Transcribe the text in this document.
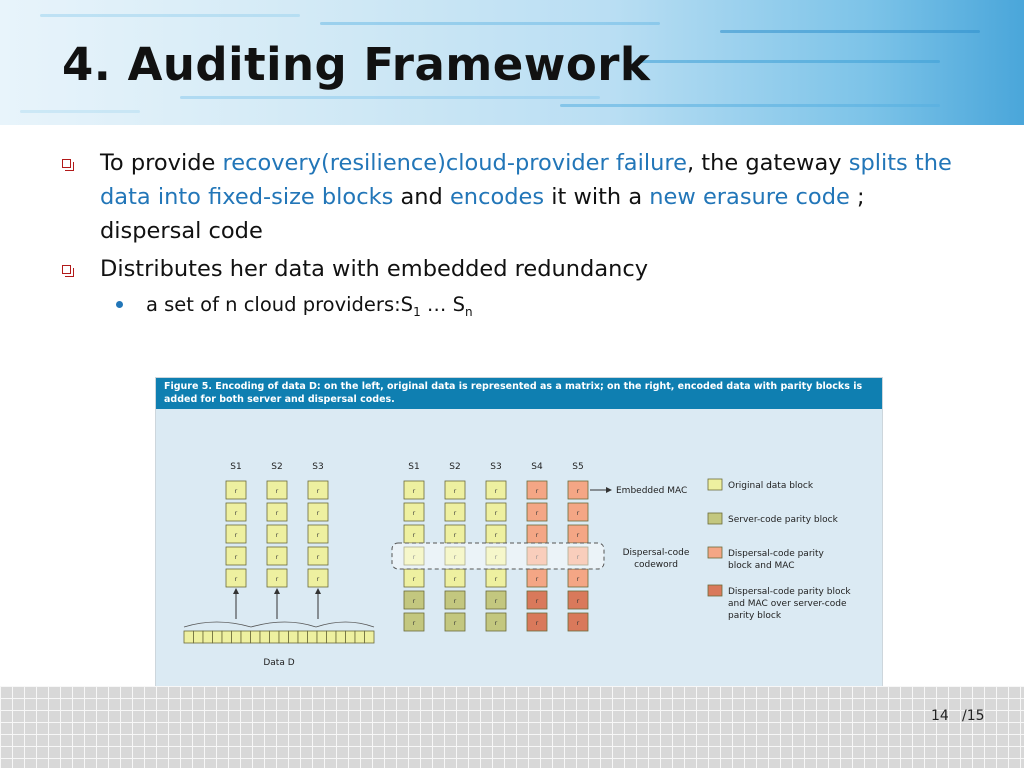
4. Auditing Framework
To provide recovery(resilience)cloud-provider failure, the gateway splits the data into fixed-size blocks and encodes it with a new erasure code ; dispersal code
Distributes her data with embedded redundancy
a set of n cloud $providers:S_1$ … $S_n$
Figure 5. Encoding of data D: on the left, original data is represented as a matrix; on the right, encoded data with parity blocks is added for both server and dispersal codes.
S1
r
r
r
r
r
S2
r
r
r
r
r
S3
r
r
r
r
r
Data D
S1
r
r
r
r
r
r
S2
r
r
r
r
r
r
S3
r
r
r
r
r
r
S4
r
r
r
r
r
r
S5
r
r
r
r
r
r
Embedded MAC
Dispersal-code
codeword
Original data block
Server-code parity block
Dispersal-code parity
block and MAC
Dispersal-code parity block
and MAC over server-code
parity block
14 /15
